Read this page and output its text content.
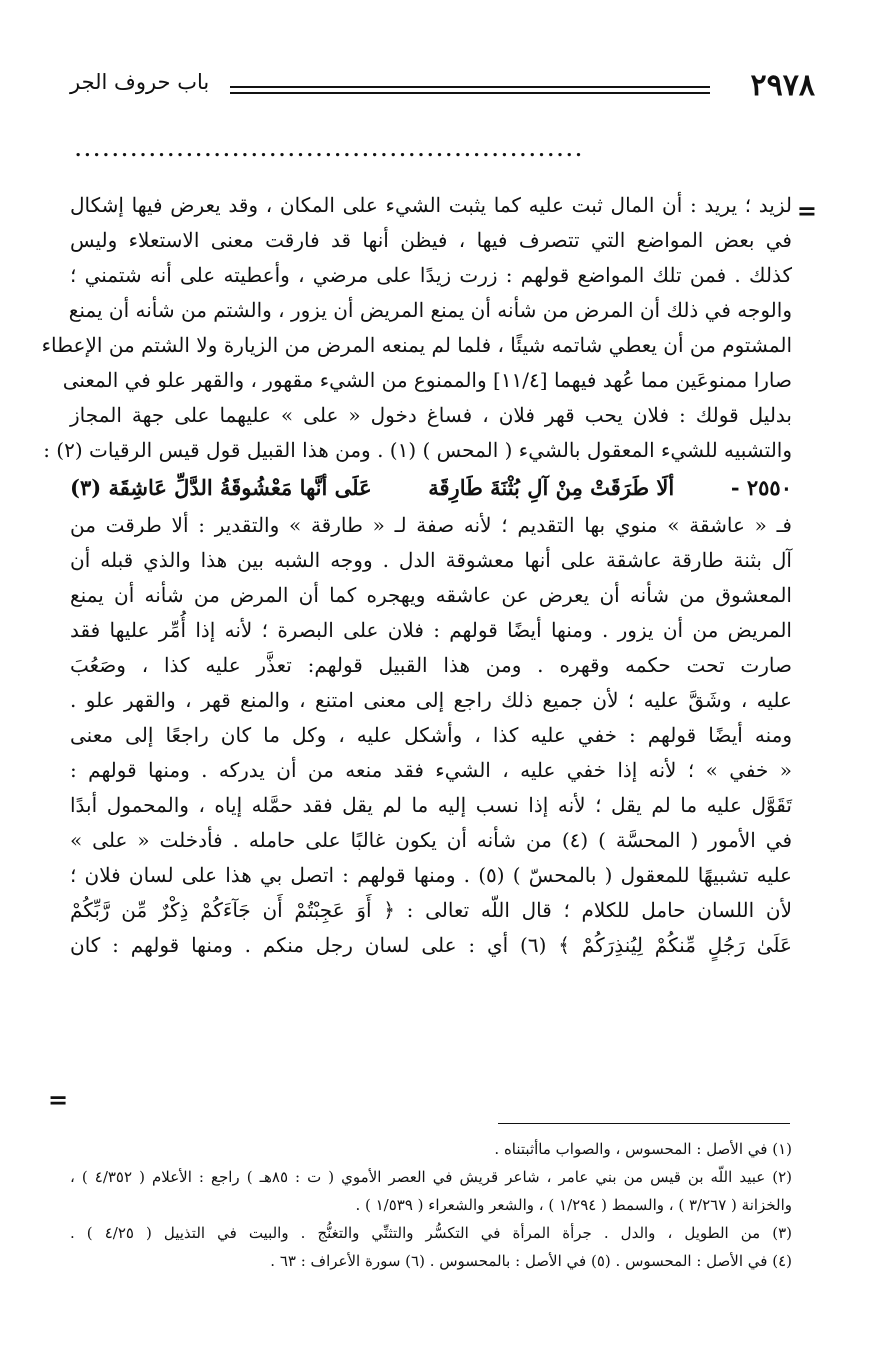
٢٩٧٨
باب حروف الجر
.......................................................
=
لزيد ؛ يريد : أن المال ثبت عليه كما يثبت الشيء على المكان ، وقد يعرض فيها إشكال
في بعض المواضع التي تتصرف فيها ، فيظن أنها قد فارقت معنى الاستعلاء وليس
كذلك . فمن تلك المواضع قولهم : زرت زيدًا على مرضي ، وأعطيته على أنه شتمني ؛
والوجه في ذلك أن المرض من شأنه أن يمنع المريض أن يزور ، والشتم من شأنه أن يمنع
المشتوم من أن يعطي شاتمه شيئًا ، فلما لم يمنعه المرض من الزيارة ولا الشتم من الإعطاء
صارا ممنوعَين مما عُهد فيهما [١١/٤] والممنوع من الشيء مقهور ، والقهر علو في المعنى
بدليل قولك : فلان يحب قهر فلان ، فساغ دخول « على » عليهما على جهة المجاز
والتشبيه للشيء المعقول بالشيء ( المحس ) (١) . ومن هذا القبيل قول قيس الرقيات (٢) :
٢٥٥٠ -
ألَا طَرَقَتْ مِنْ آلِ بُثْنَةَ طَارِقَة
عَلَى أنَّها مَعْشُوقَةُ الدَّلِّ عَاشِقَة (٣)
فـ « عاشقة » منوي بها التقديم ؛ لأنه صفة لـ « طارقة » والتقدير : ألا طرقت من
آل بثنة طارقة عاشقة على أنها معشوقة الدل . ووجه الشبه بين هذا والذي قبله أن
المعشوق من شأنه أن يعرض عن عاشقه ويهجره كما أن المرض من شأنه أن يمنع
المريض من أن يزور . ومنها أيضًا قولهم : فلان على البصرة ؛ لأنه إذا أُمِّر عليها فقد
صارت تحت حكمه وقهره . ومن هذا القبيل قولهم: تعذَّر عليه كذا ، وصَعُبَ
عليه ، وشَقَّ عليه ؛ لأن جميع ذلك راجع إلى معنى امتنع ، والمنع قهر ، والقهر علو .
ومنه أيضًا قولهم : خفي عليه كذا ، وأشكل عليه ، وكل ما كان راجعًا إلى معنى
« خفي » ؛ لأنه إذا خفي عليه ، الشيء فقد منعه من أن يدركه . ومنها قولهم :
تَقَوَّل عليه ما لم يقل ؛ لأنه إذا نسب إليه ما لم يقل فقد حمَّله إياه ، والمحمول أبدًا
في الأمور ( المحسَّة ) (٤) من شأنه أن يكون غالبًا على حامله . فأدخلت « على »
عليه تشبيهًا للمعقول ( بالمحسّ ) (٥) . ومنها قولهم : اتصل بي هذا على لسان فلان ؛
لأن اللسان حامل للكلام ؛ قال اللّه تعالى : ﴿ أَوَ عَجِبْتُمْ أَن جَآءَكُمْ ذِكْرٌ مِّن رَّبِّكُمْ
عَلَىٰ رَجُلٍ مِّنكُمْ لِيُنذِرَكُمْ ﴾ (٦) أي : على لسان رجل منكم . ومنها قولهم : كان
=
(١) في الأصل : المحسوس ، والصواب ماأثبتناه .
(٢) عبيد اللّه بن قيس من بني عامر ، شاعر قريش في العصر الأموي ( ت : ٨٥هـ ) راجع : الأعلام ( ٤/٣٥٢ ) ،
والخزانة ( ٣/٢٦٧ ) ، والسمط ( ١/٢٩٤ ) ، والشعر والشعراء ( ١/٥٣٩ ) .
(٣) من الطويل ، والدل . جرأة المرأة في التكسُّر والتثنِّي والتغنُّج . والبيت في التذييل ( ٤/٢٥ ) .
(٤) في الأصل : المحسوس . (٥) في الأصل : بالمحسوس . (٦) سورة الأعراف : ٦٣ .
